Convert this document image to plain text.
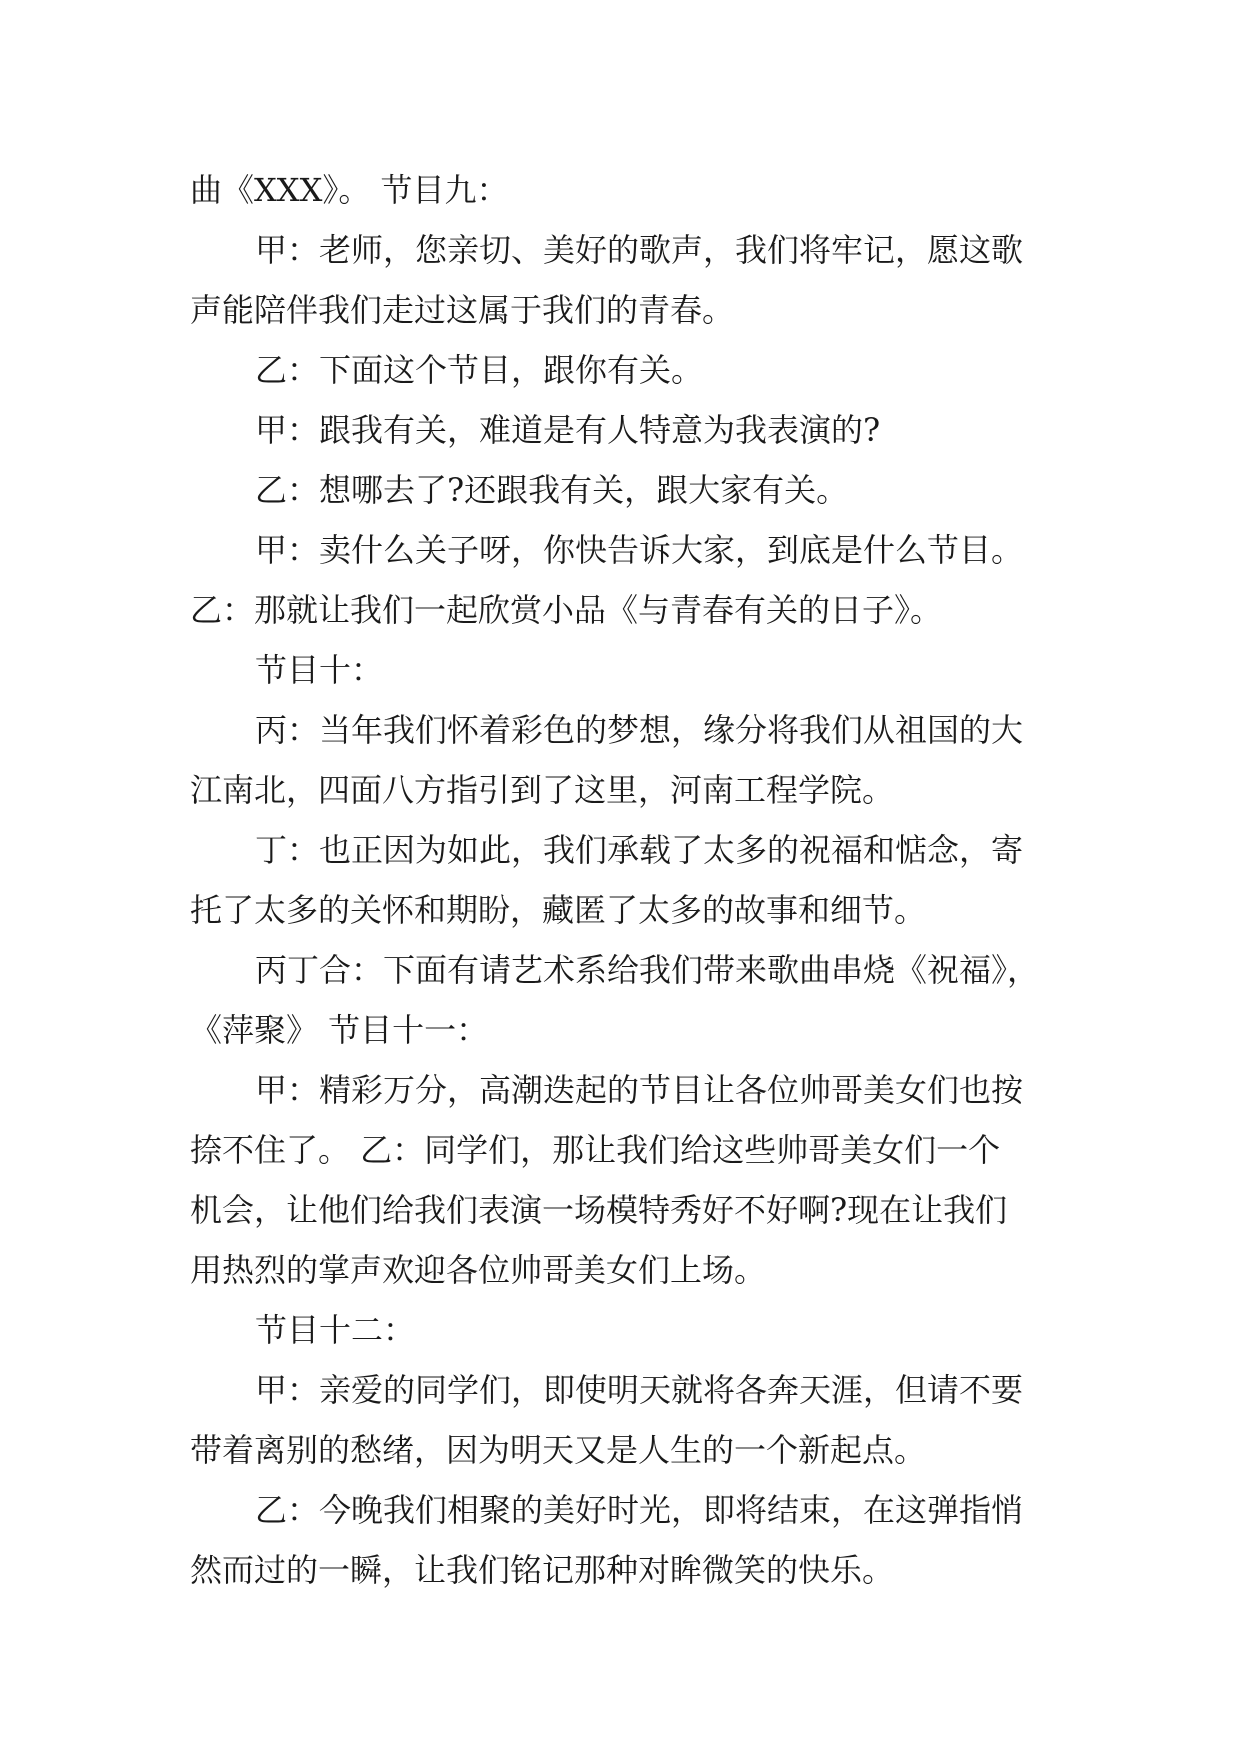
曲《XXX》。 节目九：
甲：老师，您亲切、美好的歌声，我们将牢记，愿这歌
声能陪伴我们走过这属于我们的青春。
乙：下面这个节目，跟你有关。
甲：跟我有关，难道是有人特意为我表演的?
乙：想哪去了?还跟我有关，跟大家有关。
甲：卖什么关子呀，你快告诉大家，到底是什么节目。
乙：那就让我们一起欣赏小品《与青春有关的日子》。
节目十：
丙：当年我们怀着彩色的梦想，缘分将我们从祖国的大
江南北，四面八方指引到了这里，河南工程学院。
丁：也正因为如此，我们承载了太多的祝福和惦念，寄
托了太多的关怀和期盼，藏匿了太多的故事和细节。
丙丁合：下面有请艺术系给我们带来歌曲串烧《祝福》，
《萍聚》 节目十一：
甲：精彩万分，高潮迭起的节目让各位帅哥美女们也按
捺不住了。 乙：同学们，那让我们给这些帅哥美女们一个
机会，让他们给我们表演一场模特秀好不好啊?现在让我们
用热烈的掌声欢迎各位帅哥美女们上场。
节目十二：
甲：亲爱的同学们，即使明天就将各奔天涯，但请不要
带着离别的愁绪，因为明天又是人生的一个新起点。
乙：今晚我们相聚的美好时光，即将结束，在这弹指悄
然而过的一瞬，让我们铭记那种对眸微笑的快乐。
